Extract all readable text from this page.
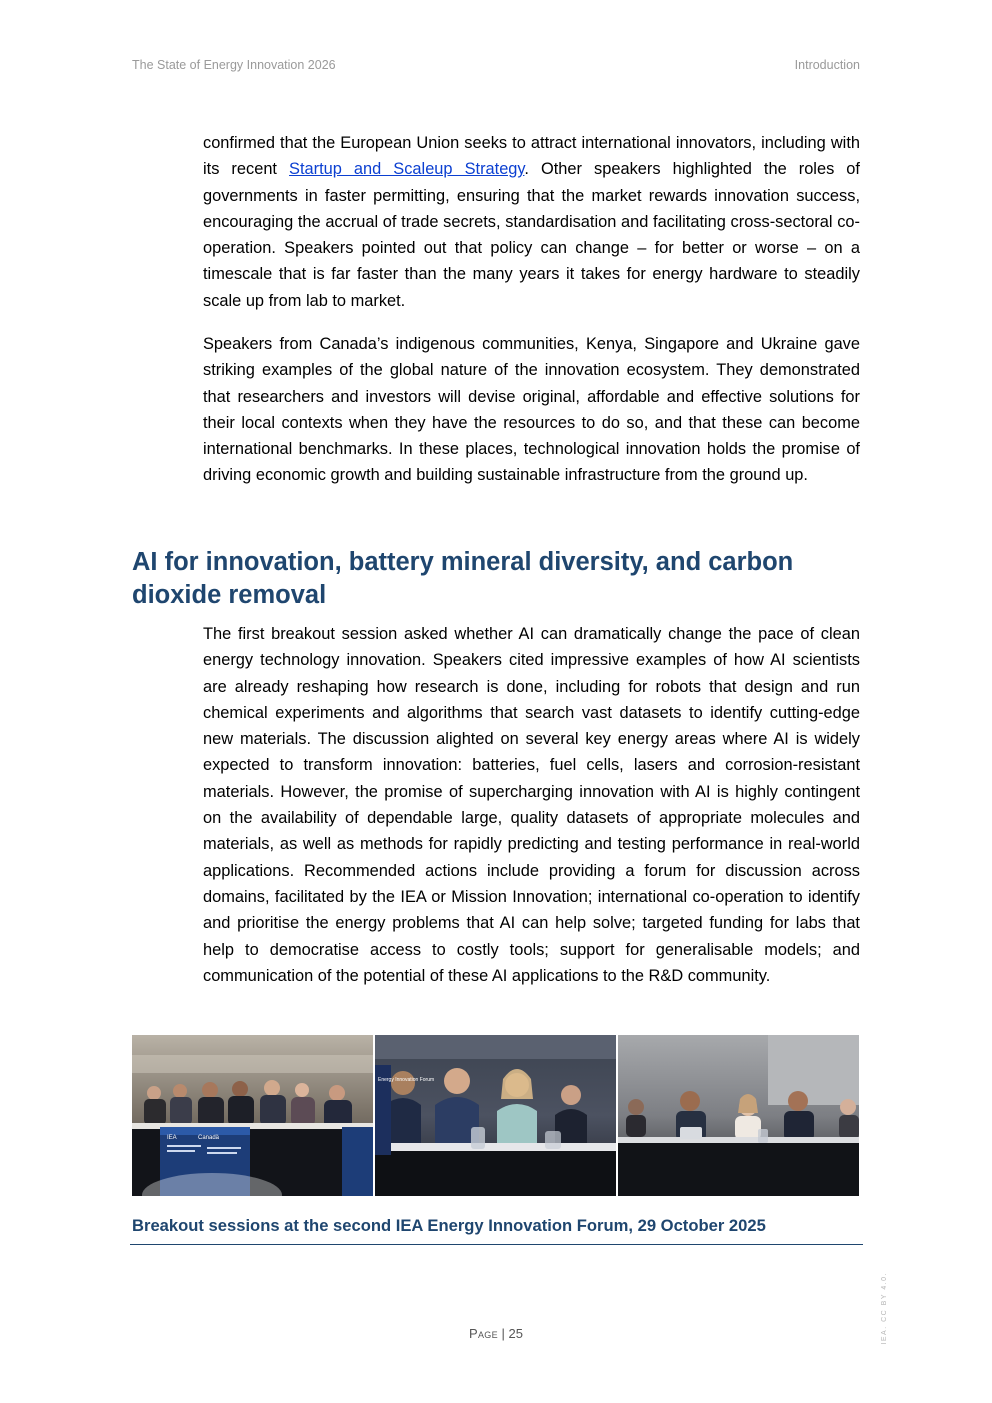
The State of Energy Innovation 2026	Introduction

confirmed that the European Union seeks to attract international innovators, including with its recent Startup and Scaleup Strategy. Other speakers highlighted the roles of governments in faster permitting, ensuring that the market rewards innovation success, encouraging the accrual of trade secrets, standardisation and facilitating cross-sectoral co-operation. Speakers pointed out that policy can change – for better or worse – on a timescale that is far faster than the many years it takes for energy hardware to steadily scale up from lab to market.

Speakers from Canada’s indigenous communities, Kenya, Singapore and Ukraine gave striking examples of the global nature of the innovation ecosystem. They demonstrated that researchers and investors will devise original, affordable and effective solutions for their local contexts when they have the resources to do so, and that these can become international benchmarks. In these places, technological innovation holds the promise of driving economic growth and building sustainable infrastructure from the ground up.

AI for innovation, battery mineral diversity, and carbon dioxide removal

The first breakout session asked whether AI can dramatically change the pace of clean energy technology innovation. Speakers cited impressive examples of how AI scientists are already reshaping how research is done, including for robots that design and run chemical experiments and algorithms that search vast datasets to identify cutting-edge new materials. The discussion alighted on several key energy areas where AI is widely expected to transform innovation: batteries, fuel cells, lasers and corrosion-resistant materials. However, the promise of supercharging innovation with AI is highly contingent on the availability of dependable large, quality datasets of appropriate molecules and materials, as well as methods for rapidly predicting and testing performance in real-world applications. Recommended actions include providing a forum for discussion across domains, facilitated by the IEA or Mission Innovation; international co-operation to identify and prioritise the energy problems that AI can help solve; targeted funding for labs that help to democratise access to costly tools; support for generalisable models; and communication of the potential of these AI applications to the R&D community.

IEA	Canadä
Energy Innovation Forum

Breakout sessions at the second IEA Energy Innovation Forum, 29 October 2025

Page | 25	IEA. CC BY 4.0.
